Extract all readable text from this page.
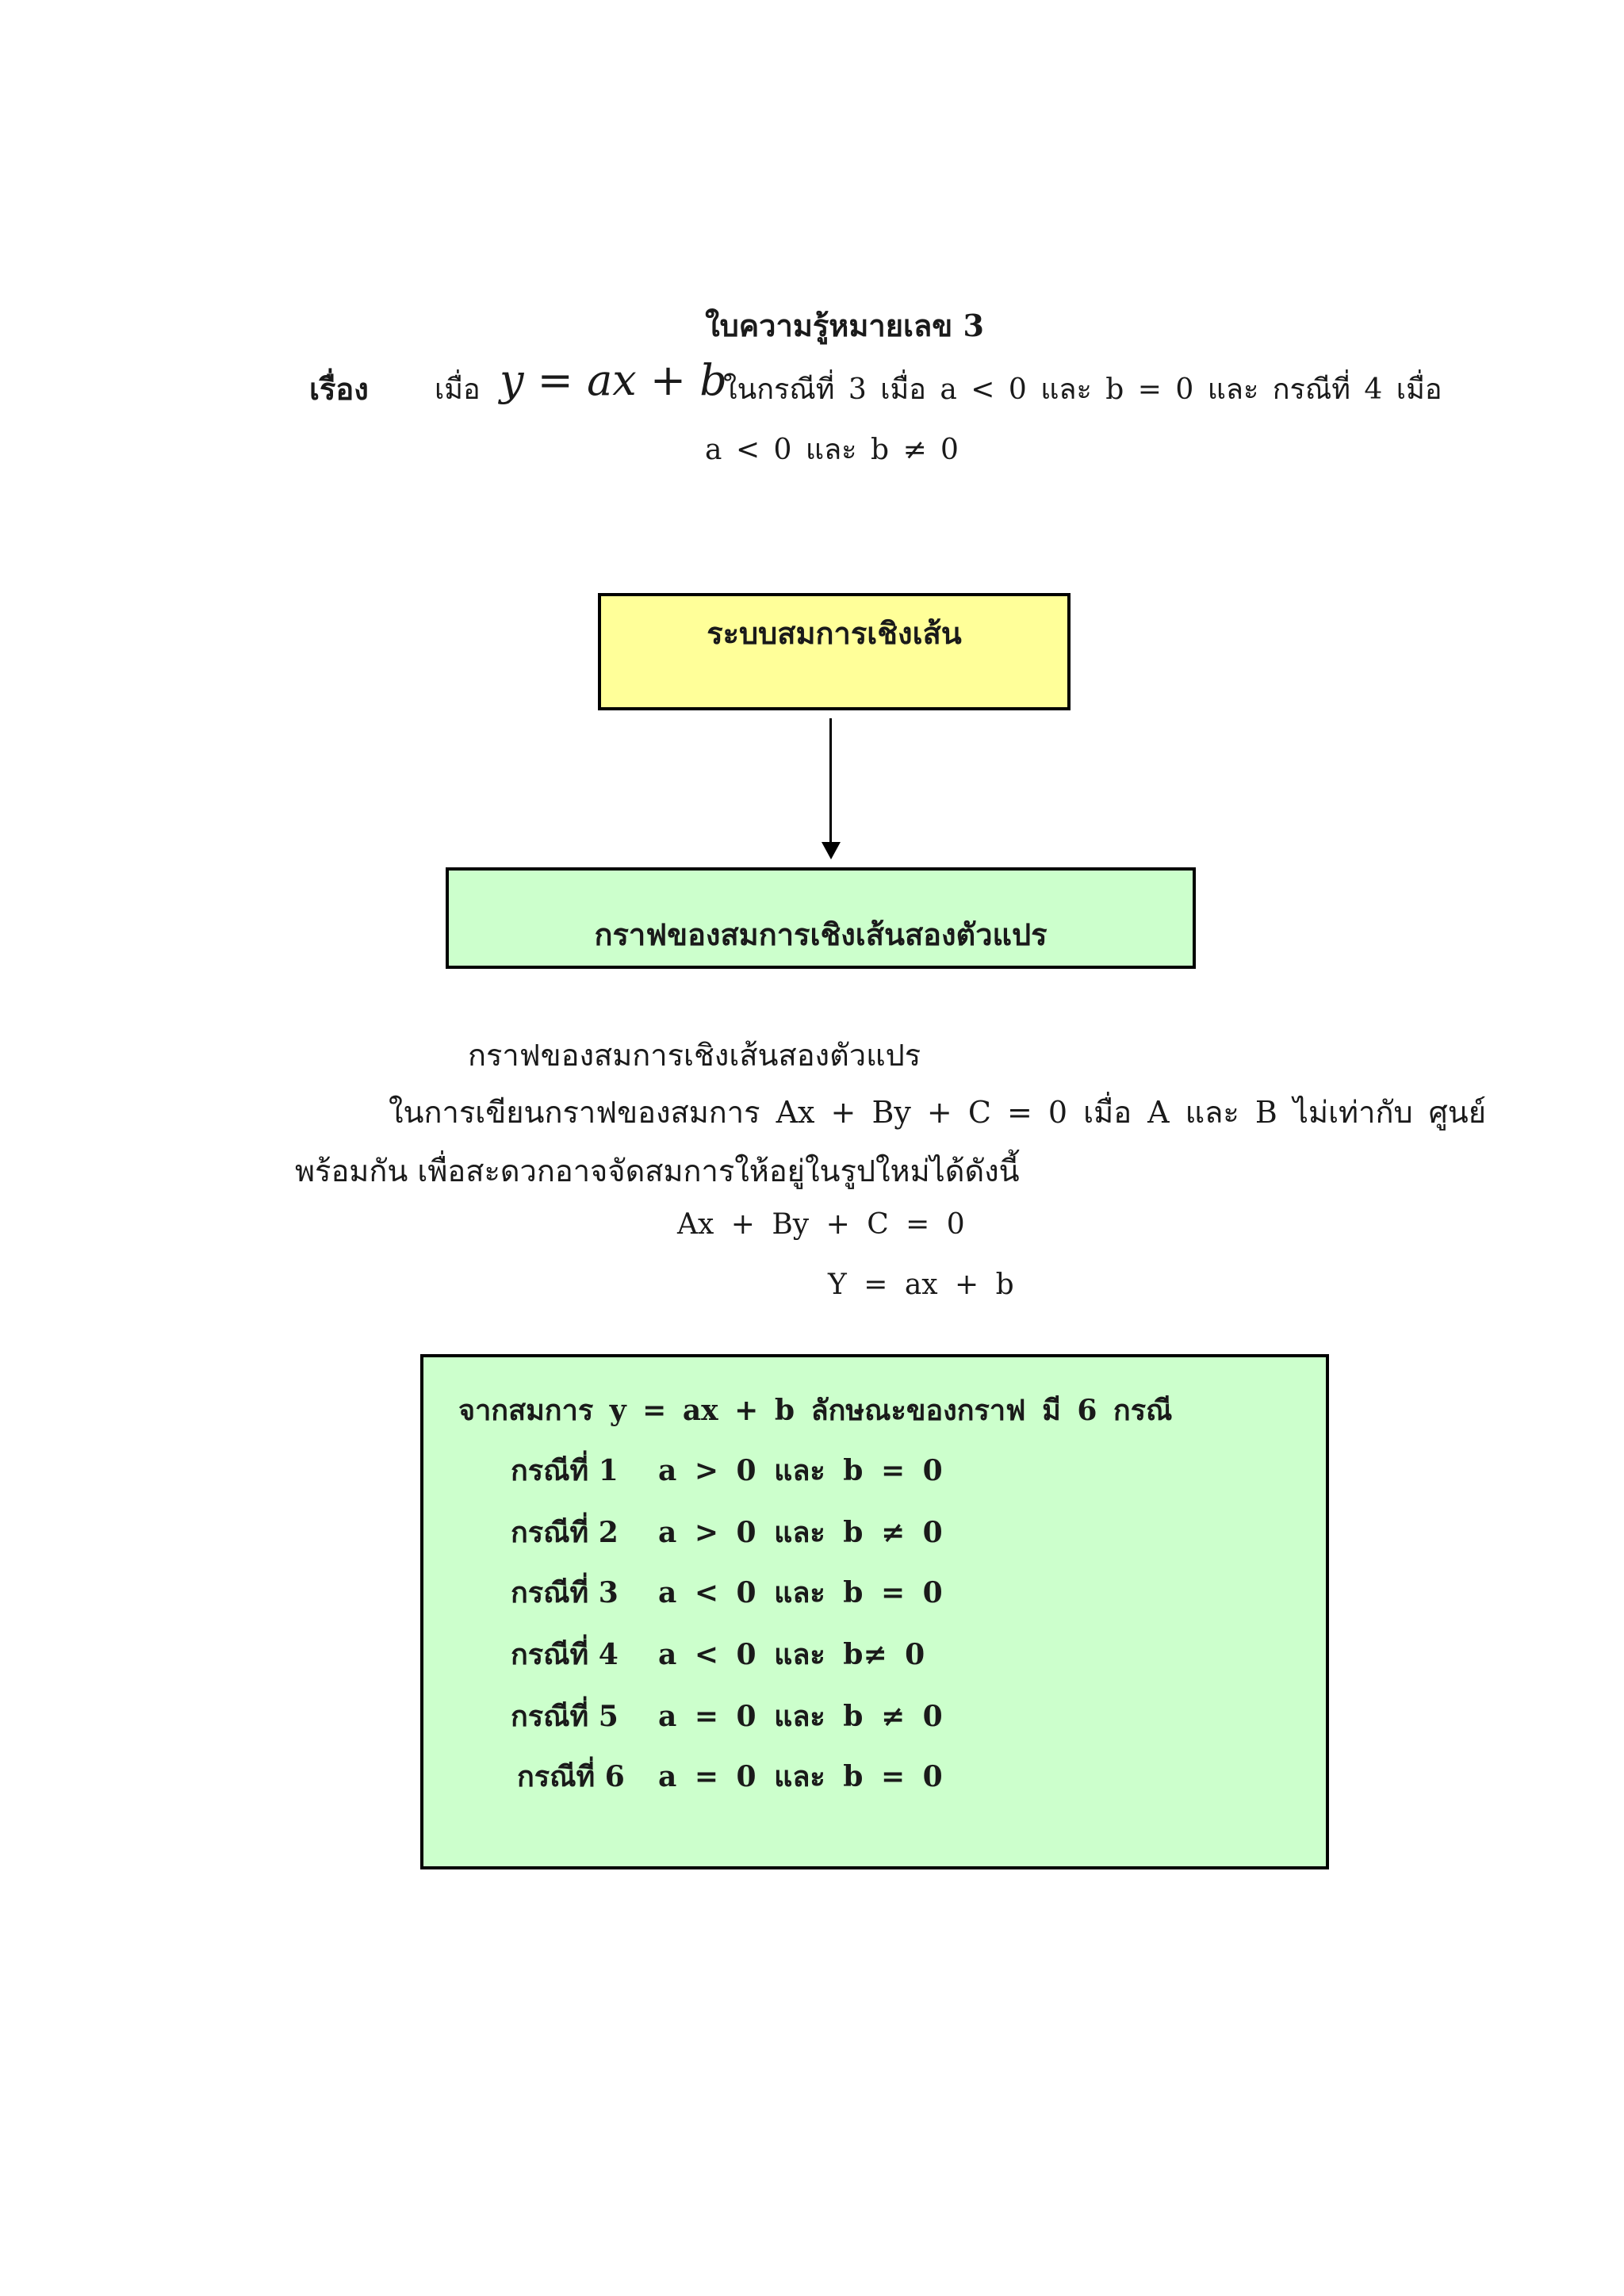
ใบความรู้หมายเลข 3
เรื่อง เมื่อ y = ax + b
ในกรณีที่ 3 เมื่อ a < 0 และ b = 0 และ กรณีที่ 4 เมื่อ
a < 0 และ b ≠ 0
ระบบสมการเชิงเส้น
กราฟของสมการเชิงเส้นสองตัวแปร
กราฟของสมการเชิงเส้นสองตัวแปร
ในการเขียนกราฟของสมการ Ax + By + C = 0 เมื่อ A และ B ไม่เท่ากับ ศูนย์
พร้อมกัน เพื่อสะดวกอาจจัดสมการให้อยู่ในรูปใหม่ได้ดังนี้
Ax + By + C = 0
Y = ax + b
จากสมการ y = ax + b ลักษณะของกราฟ มี 6 กรณี
กรณีที่ 1 a > 0 และ b = 0
กรณีที่ 2 a > 0 และ b ≠ 0
กรณีที่ 3 a < 0 และ b = 0
กรณีที่ 4 a < 0 และ b≠ 0
กรณีที่ 5 a = 0 และ b ≠ 0
กรณีที่ 6 a = 0 และ b = 0
